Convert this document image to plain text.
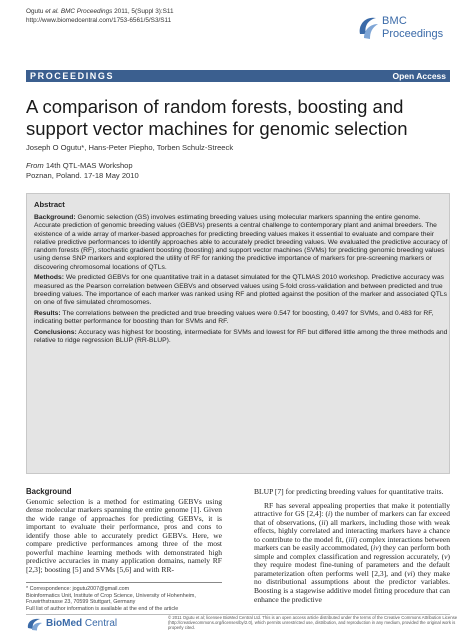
Ogutu et al. BMC Proceedings 2011, 5(Suppl 3):S11
http://www.biomedcentral.com/1753-6561/5/S3/S11	BMC
Proceedings
PROCEEDINGS	Open Access
A comparison of random forests, boosting and support vector machines for genomic selection
Joseph O Ogutu*, Hans-Peter Piepho, Torben Schulz-Streeck
From 14th QTL-MAS Workshop
Poznan, Poland. 17-18 May 2010
Abstract

Background: Genomic selection (GS) involves estimating breeding values using molecular markers spanning the entire genome. Accurate prediction of genomic breeding values (GEBVs) presents a central challenge to contemporary plant and animal breeders. The existence of a wide array of marker-based approaches for predicting breeding values makes it essential to evaluate and compare their relative predictive performances to identify approaches able to accurately predict breeding values. We evaluated the predictive accuracy of random forests (RF), stochastic gradient boosting (boosting) and support vector machines (SVMs) for predicting genomic breeding values using dense SNP markers and explored the utility of RF for ranking the predictive importance of markers for pre-screening markers or discovering chromosomal locations of QTLs.

Methods: We predicted GEBVs for one quantitative trait in a dataset simulated for the QTLMAS 2010 workshop. Predictive accuracy was measured as the Pearson correlation between GEBVs and observed values using 5-fold cross-validation and between predicted and true breeding values. The importance of each marker was ranked using RF and plotted against the position of the marker and associated QTLs on one of five simulated chromosomes.

Results: The correlations between the predicted and true breeding values were 0.547 for boosting, 0.497 for SVMs, and 0.483 for RF, indicating better performance for boosting than for SVMs and RF.

Conclusions: Accuracy was highest for boosting, intermediate for SVMs and lowest for RF but differed little among the three methods and relative to ridge regression BLUP (RR-BLUP).

Background

Genomic selection is a method for estimating GEBVs using dense molecular markers spanning the entire genome [1]. Given the wide range of approaches for predicting GEBVs, it is important to evaluate their performance, pros and cons to identify those able to accurately predict GEBVs. Here, we compare predictive performances among three of the most powerful machine learning methods with demonstrated high predictive accuracies in many application domains, namely RF [2,3]; boosting [5] and SVMs [5,6] and with RR-

BLUP [7] for predicting breeding values for quantitative traits.

RF has several appealing properties that make it potentially attractive for GS [2,4]: (i) the number of markers can far exceed that of observations, (ii) all markers, including those with weak effects, highly correlated and interacting markers have a chance to contribute to the model fit, (iii) complex interactions between markers can be easily accommodated, (iv) they can perform both simple and complex classification and regression accurately, (v) they require modest fine-tuning of parameters and the default parameterization often performs well [2,3], and (vi) they make no distributional assumptions about the predictor variables. Boosting is a stagewise additive model fitting procedure that can enhance the predictive

* Correspondence: jogutu2007@gmail.com
Bioinformatics Unit, Institute of Crop Science, University of Hohenheim,
Fruwirthstrasse 23, 70599 Stuttgart, Germany
Full list of author information is available at the end of the article
BioMed Central
© 2011 Ogutu et al; licensee BioMed Central Ltd. This is an open access article distributed under the terms of the Creative Commons Attribution License (http://creativecommons.org/licenses/by/2.0), which permits unrestricted use, distribution, and reproduction in any medium, provided the original work is properly cited.
